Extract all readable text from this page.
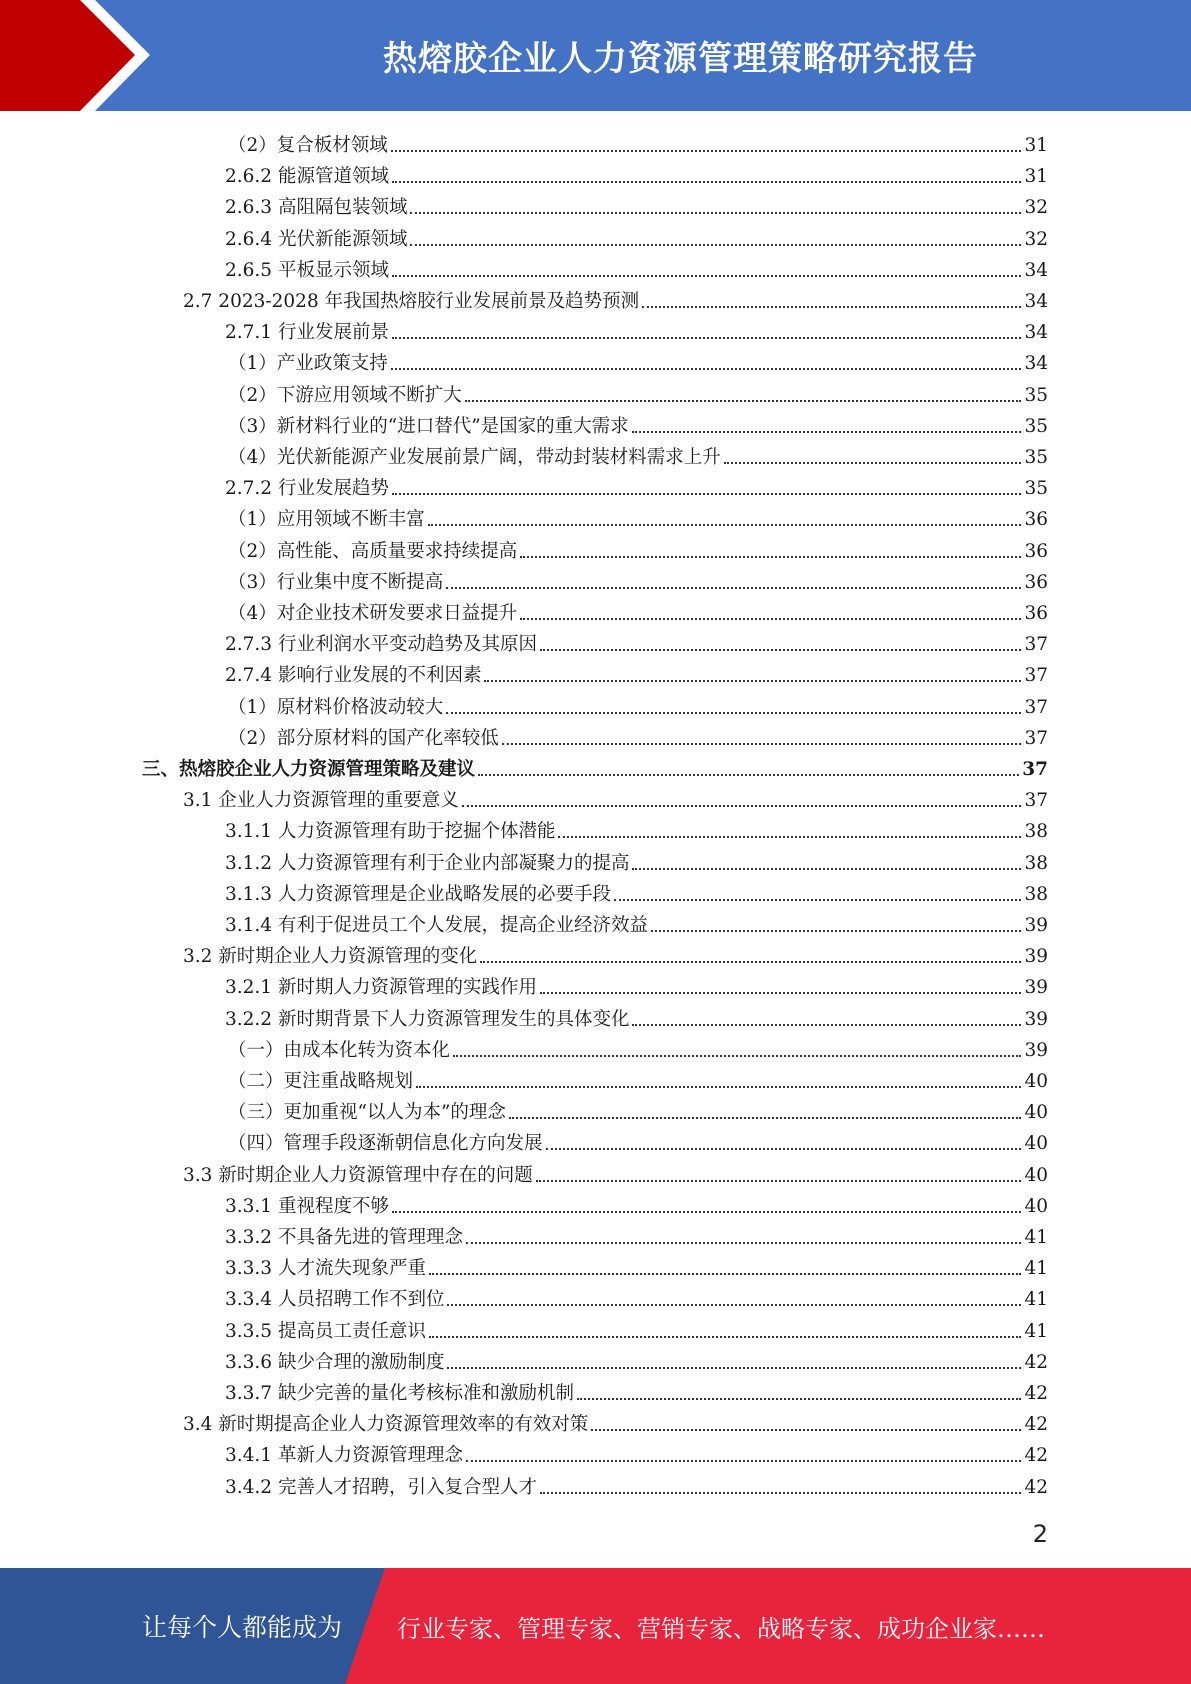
热熔胶企业人力资源管理策略研究报告
（2）复合板材领域	31
2.6.2 能源管道领域	31
2.6.3 高阻隔包装领域	32
2.6.4 光伏新能源领域	32
2.6.5 平板显示领域	34
2.7 2023-2028 年我国热熔胶行业发展前景及趋势预测	34
2.7.1 行业发展前景	34
（1）产业政策支持	34
（2）下游应用领域不断扩大	35
（3）新材料行业的“进口替代”是国家的重大需求	35
（4）光伏新能源产业发展前景广阔，带动封装材料需求上升	35
2.7.2 行业发展趋势	35
（1）应用领域不断丰富	36
（2）高性能、高质量要求持续提高	36
（3）行业集中度不断提高	36
（4）对企业技术研发要求日益提升	36
2.7.3 行业利润水平变动趋势及其原因	37
2.7.4 影响行业发展的不利因素	37
（1）原材料价格波动较大	37
（2）部分原材料的国产化率较低	37
三、热熔胶企业人力资源管理策略及建议	37
3.1 企业人力资源管理的重要意义	37
3.1.1 人力资源管理有助于挖掘个体潜能	38
3.1.2 人力资源管理有利于企业内部凝聚力的提高	38
3.1.3 人力资源管理是企业战略发展的必要手段	38
3.1.4 有利于促进员工个人发展，提高企业经济效益	39
3.2 新时期企业人力资源管理的变化	39
3.2.1 新时期人力资源管理的实践作用	39
3.2.2 新时期背景下人力资源管理发生的具体变化	39
（一）由成本化转为资本化	39
（二）更注重战略规划	40
（三）更加重视“以人为本”的理念	40
（四）管理手段逐渐朝信息化方向发展	40
3.3 新时期企业人力资源管理中存在的问题	40
3.3.1 重视程度不够	40
3.3.2 不具备先进的管理理念	41
3.3.3 人才流失现象严重	41
3.3.4 人员招聘工作不到位	41
3.3.5 提高员工责任意识	41
3.3.6 缺少合理的激励制度	42
3.3.7 缺少完善的量化考核标准和激励机制	42
3.4 新时期提高企业人力资源管理效率的有效对策	42
3.4.1 革新人力资源管理理念	42
3.4.2 完善人才招聘，引入复合型人才	42
2
让每个人都能成为 行业专家、管理专家、营销专家、战略专家、成功企业家……
